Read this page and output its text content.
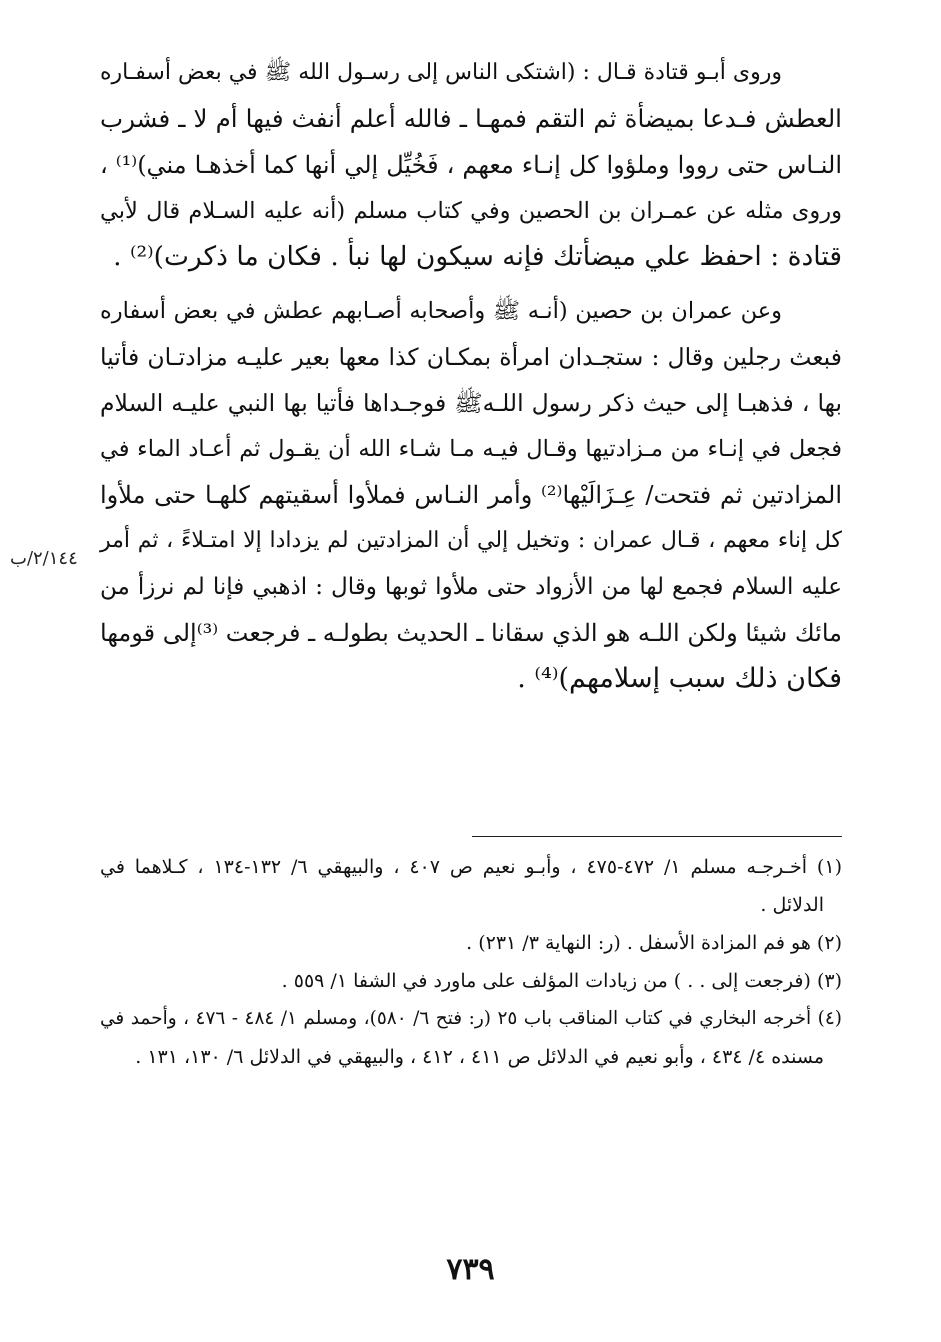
وروى أبـو قتادة قـال : (اشتكى الناس إلى رسـول الله ﷺ في بعض أسفـاره
العطش فـدعا بميضأة ثم التقم فمهـا ـ فالله أعلم أنفث فيها أم لا ـ فشرب
النـاس حتى رووا وملؤوا كل إنـاء معهم ، فَخُيِّل إلي أنها كما أخذهـا مني)⁽¹⁾ ،
وروى مثله عن عمـران بن الحصين وفي كتاب مسلم (أنه عليه السـلام قال لأبي
قتادة : احفظ علي ميضأتك فإنه سيكون لها نبأ . فكان ما ذكرت)⁽²⁾ .
وعن عمران بن حصين (أنـه ﷺ وأصحابه أصـابهم عطش في بعض أسفاره
فبعث رجلين وقال : ستجـدان امرأة بمكـان كذا معها بعير عليـه مزادتـان فأتيا
بها ، فذهبـا إلى حيث ذكر رسول اللـهﷺ فوجـداها فأتيا بها النبي عليـه السلام
فجعل في إنـاء من مـزادتيها وقـال فيـه مـا شـاء الله أن يقـول ثم أعـاد الماء في
المزادتين ثم فتحت/ عِـزَالَيْها⁽²⁾ وأمر النـاس فملأوا أسقيتهم كلهـا حتى ملأوا
كل إناء معهم ، قـال عمران : وتخيل إلي أن المزادتين لم يزدادا إلا امتـلاءً ، ثم أمر
عليه السلام فجمع لها من الأزواد حتى ملأوا ثوبها وقال : اذهبي فإنا لم نرزأ من
مائك شيئا ولكن اللـه هو الذي سقانا ـ الحديث بطولـه ـ فرجعت ⁽³⁾إلى قومها
فكان ذلك سبب إسلامهم)⁽⁴⁾ .
٢/١٤٤/ب
(١) أخـرجـه مسلم ١/ ٤٧٢-٤٧٥ ، وأبـو نعيم ص ٤٠٧ ، والبيهقي ٦/ ١٣٢-١٣٤ ، كـلاهما في
الدلائل .
(٢) هو فم المزادة الأسفل . (ر: النهاية ٣/ ٢٣١) .
(٣) (فرجعت إلى . . ) من زيادات المؤلف على ماورد في الشفا ١/ ٥٥٩ .
(٤) أخرجه البخاري في كتاب المناقب باب ٢٥ (ر: فتح ٦/ ٥٨٠)، ومسلم ١/ ٤٨٤ - ٤٧٦ ، وأحمد في
مسنده ٤/ ٤٣٤ ، وأبو نعيم في الدلائل ص ٤١١ ، ٤١٢ ، والبيهقي في الدلائل ٦/ ١٣٠، ١٣١ .
٧٣٩
